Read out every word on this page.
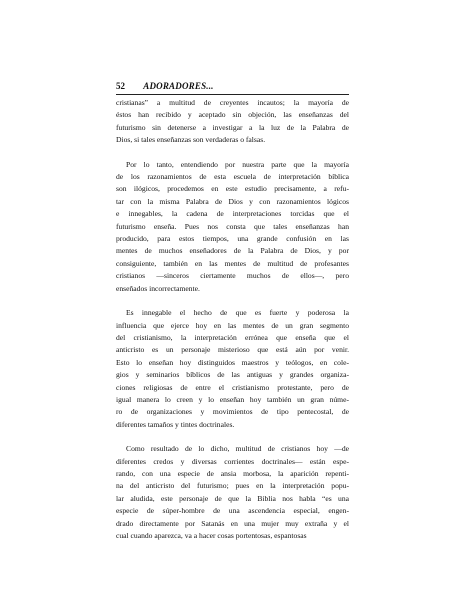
52 ADORADORES...

cristianas” a multitud de creyentes incautos; la mayoría de
éstos han recibido y aceptado sin objeción, las enseñanzas del
futurismo sin detenerse a investigar a la luz de la Palabra de
Dios, si tales enseñanzas son verdaderas o falsas.

Por lo tanto, entendiendo por nuestra parte que la mayoría
de los razonamientos de esta escuela de interpretación bíblica
son ilógicos, procedemos en este estudio precisamente, a refu-
tar con la misma Palabra de Dios y con razonamientos lógicos
e innegables, la cadena de interpretaciones torcidas que el
futurismo enseña. Pues nos consta que tales enseñanzas han
producido, para estos tiempos, una grande confusión en las
mentes de muchos enseñadores de la Palabra de Dios, y por
consiguiente, también en las mentes de multitud de profesantes
cristianos —sinceros ciertamente muchos de ellos—, pero
enseñados incorrectamente.

Es innegable el hecho de que es fuerte y poderosa la
influencia que ejerce hoy en las mentes de un gran segmento
del cristianismo, la interpretación errónea que enseña que el
anticristo es un personaje misterioso que está aún por venir.
Esto lo enseñan hoy distinguidos maestros y teólogos, en cole-
gios y seminarios bíblicos de las antiguas y grandes organiza-
ciones religiosas de entre el cristianismo protestante, pero de
igual manera lo creen y lo enseñan hoy también un gran núme-
ro de organizaciones y movimientos de tipo pentecostal, de
diferentes tamaños y tintes doctrinales.

Como resultado de lo dicho, multitud de cristianos hoy —de
diferentes credos y diversas corrientes doctrinales— están espe-
rando, con una especie de ansia morbosa, la aparición repenti-
na del anticristo del futurismo; pues en la interpretación popu-
lar aludida, este personaje de que la Biblia nos habla “es una
especie de súper-hombre de una ascendencia especial, engen-
drado directamente por Satanás en una mujer muy extraña y el
cual cuando aparezca, va a hacer cosas portentosas, espantosas
